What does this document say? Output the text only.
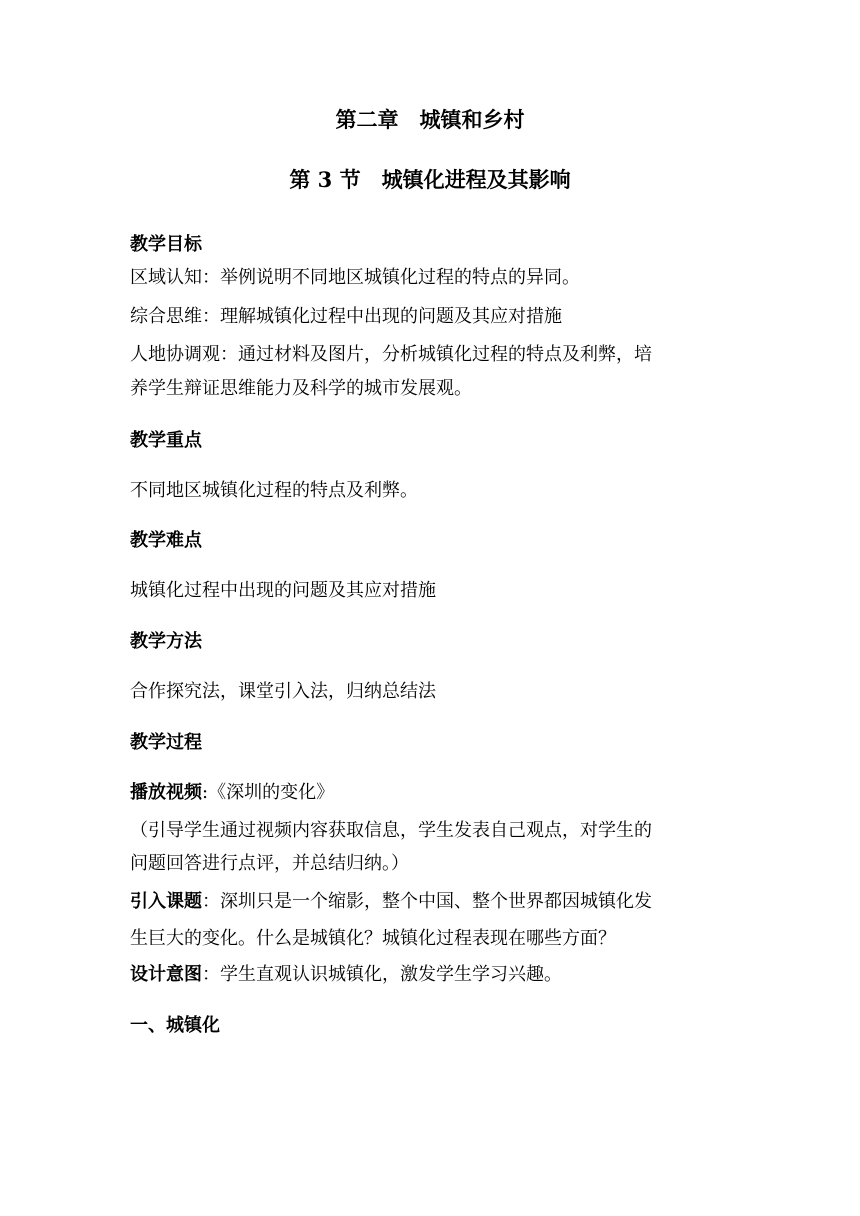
第二章　城镇和乡村
第 3 节　城镇化进程及其影响
教学目标
区域认知：举例说明不同地区城镇化过程的特点的异同。
综合思维：理解城镇化过程中出现的问题及其应对措施
人地协调观：通过材料及图片，分析城镇化过程的特点及利弊，培
养学生辩证思维能力及科学的城市发展观。
教学重点
不同地区城镇化过程的特点及利弊。
教学难点
城镇化过程中出现的问题及其应对措施
教学方法
合作探究法，课堂引入法，归纳总结法
教学过程
播放视频:《深圳的变化》
（引导学生通过视频内容获取信息，学生发表自己观点，对学生的
问题回答进行点评，并总结归纳。）
引入课题：深圳只是一个缩影，整个中国、整个世界都因城镇化发
生巨大的变化。什么是城镇化？城镇化过程表现在哪些方面？
设计意图：学生直观认识城镇化，激发学生学习兴趣。
一、城镇化
